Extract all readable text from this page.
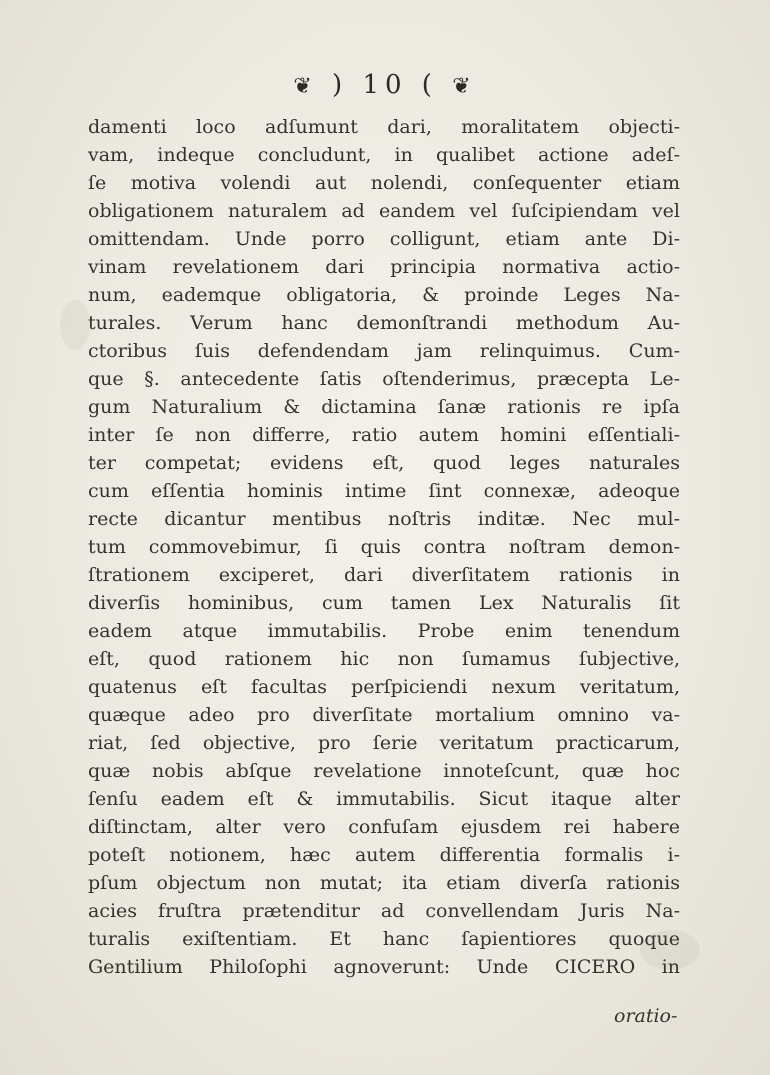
❦ ) 10 ( ❦
damenti loco adſumunt dari, moralitatem objecti-
vam, indeque concludunt, in qualibet actione adeſ-
ſe motiva volendi aut nolendi, conſequenter etiam
obligationem naturalem ad eandem vel ſuſcipiendam vel
omittendam. Unde porro colligunt, etiam ante Di-
vinam revelationem dari principia normativa actio-
num, eademque obligatoria, & proinde Leges Na-
turales. Verum hanc demonſtrandi methodum Au-
ctoribus ſuis defendendam jam relinquimus. Cum-
que §. antecedente ſatis oſtenderimus, præcepta Le-
gum Naturalium & dictamina ſanæ rationis re ipſa
inter ſe non differre, ratio autem homini eſſentiali-
ter competat; evidens eſt, quod leges naturales
cum eſſentia hominis intime ſint connexæ, adeoque
recte dicantur mentibus noſtris inditæ. Nec mul-
tum commovebimur, ſi quis contra noſtram demon-
ſtrationem exciperet, dari diverſitatem rationis in
diverſis hominibus, cum tamen Lex Naturalis ſit
eadem atque immutabilis. Probe enim tenendum
eſt, quod rationem hic non ſumamus ſubjective,
quatenus eſt facultas perſpiciendi nexum veritatum,
quæque adeo pro diverſitate mortalium omnino va-
riat, ſed objective, pro ſerie veritatum practicarum,
quæ nobis abſque revelatione innoteſcunt, quæ hoc
ſenſu eadem eſt & immutabilis. Sicut itaque alter
diſtinctam, alter vero confuſam ejusdem rei habere
poteſt notionem, hæc autem differentia formalis i-
pſum objectum non mutat; ita etiam diverſa rationis
acies fruſtra prætenditur ad convellendam Juris Na-
turalis exiſtentiam. Et hanc ſapientiores quoque
Gentilium Philoſophi agnoverunt: Unde CICERO in
oratio-
